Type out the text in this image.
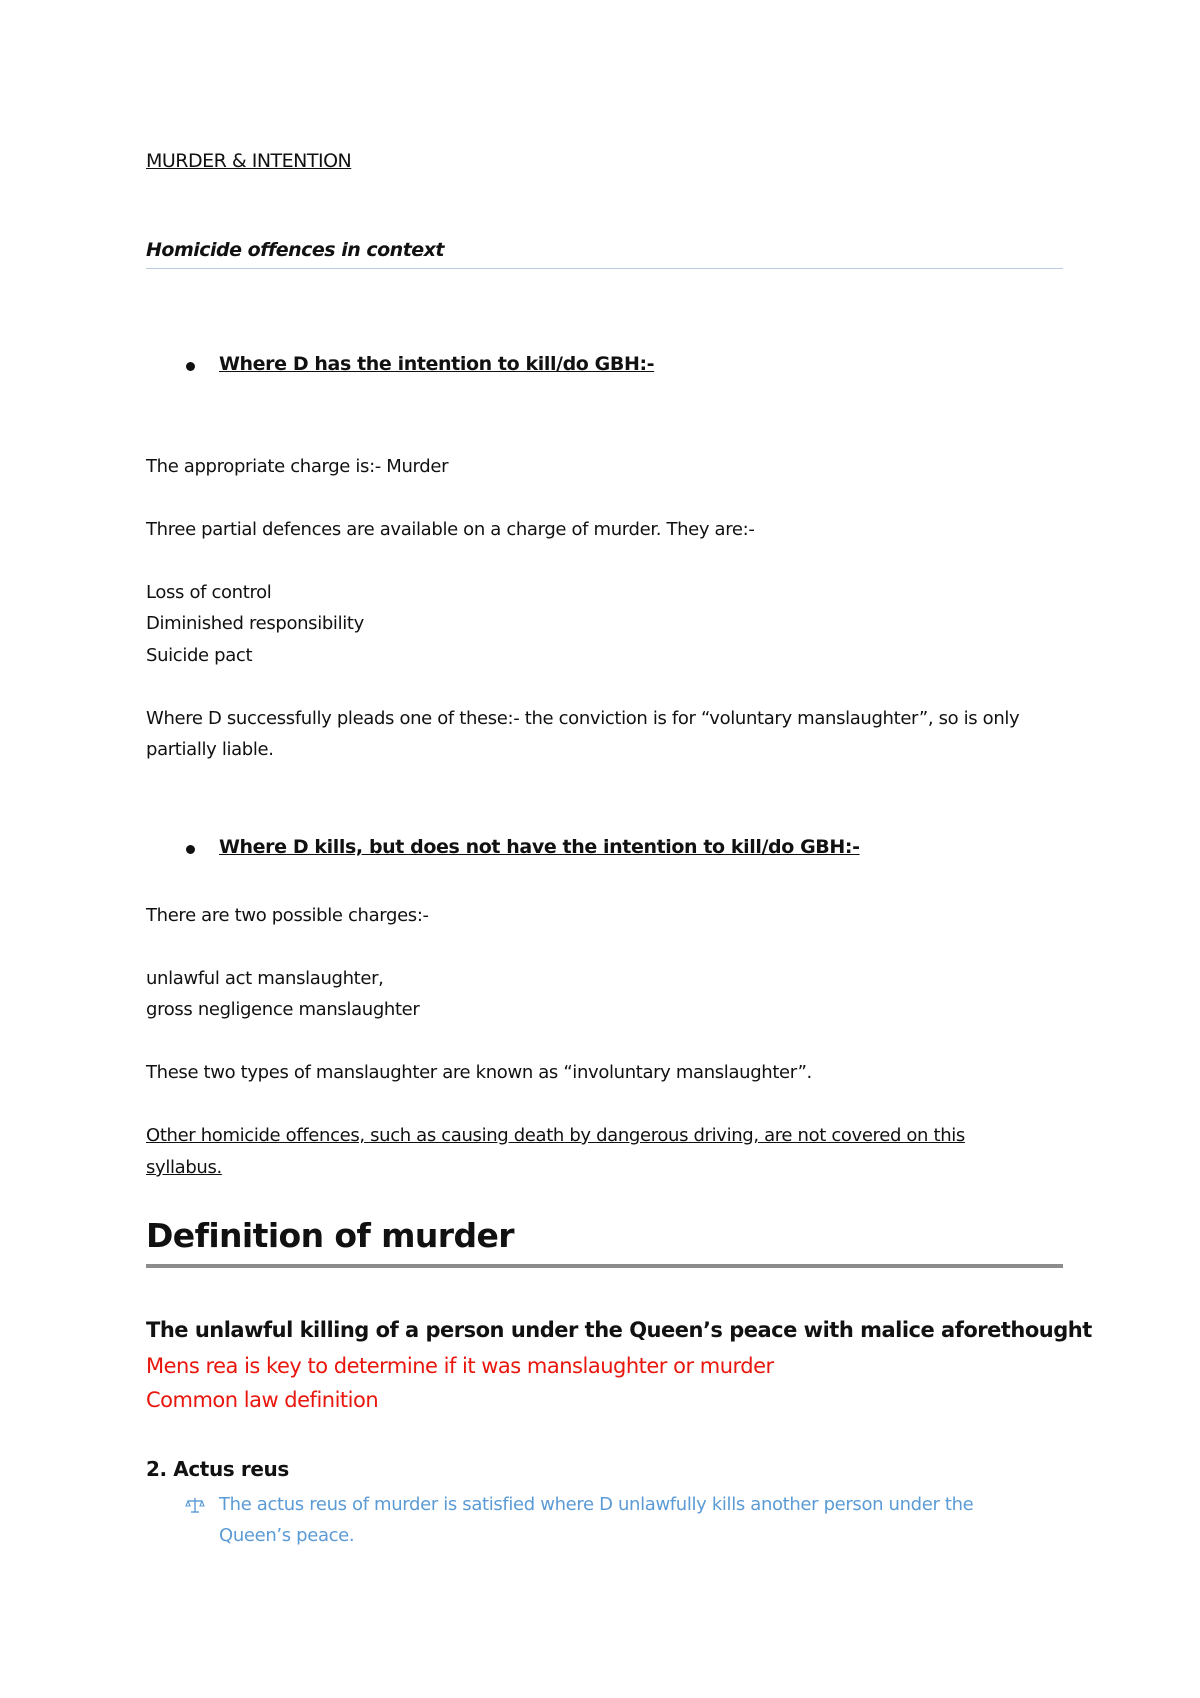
MURDER & INTENTION
Homicide offences in context
Where D has the intention to kill/do GBH:-
The appropriate charge is:- Murder
Three partial defences are available on a charge of murder. They are:-
Loss of control
Diminished responsibility
Suicide pact
Where D successfully pleads one of these:- the conviction is for “voluntary manslaughter”, so is only
partially liable.
Where D kills, but does not have the intention to kill/do GBH:-
There are two possible charges:-
unlawful act manslaughter,
gross negligence manslaughter
These two types of manslaughter are known as “involuntary manslaughter”.
Other homicide offences, such as causing death by dangerous driving, are not covered on this
syllabus.
Definition of murder
The unlawful killing of a person under the Queen’s peace with malice aforethought
Mens rea is key to determine if it was manslaughter or murder
Common law definition
2. Actus reus
The actus reus of murder is satisfied where D unlawfully kills another person under the
Queen’s peace.
